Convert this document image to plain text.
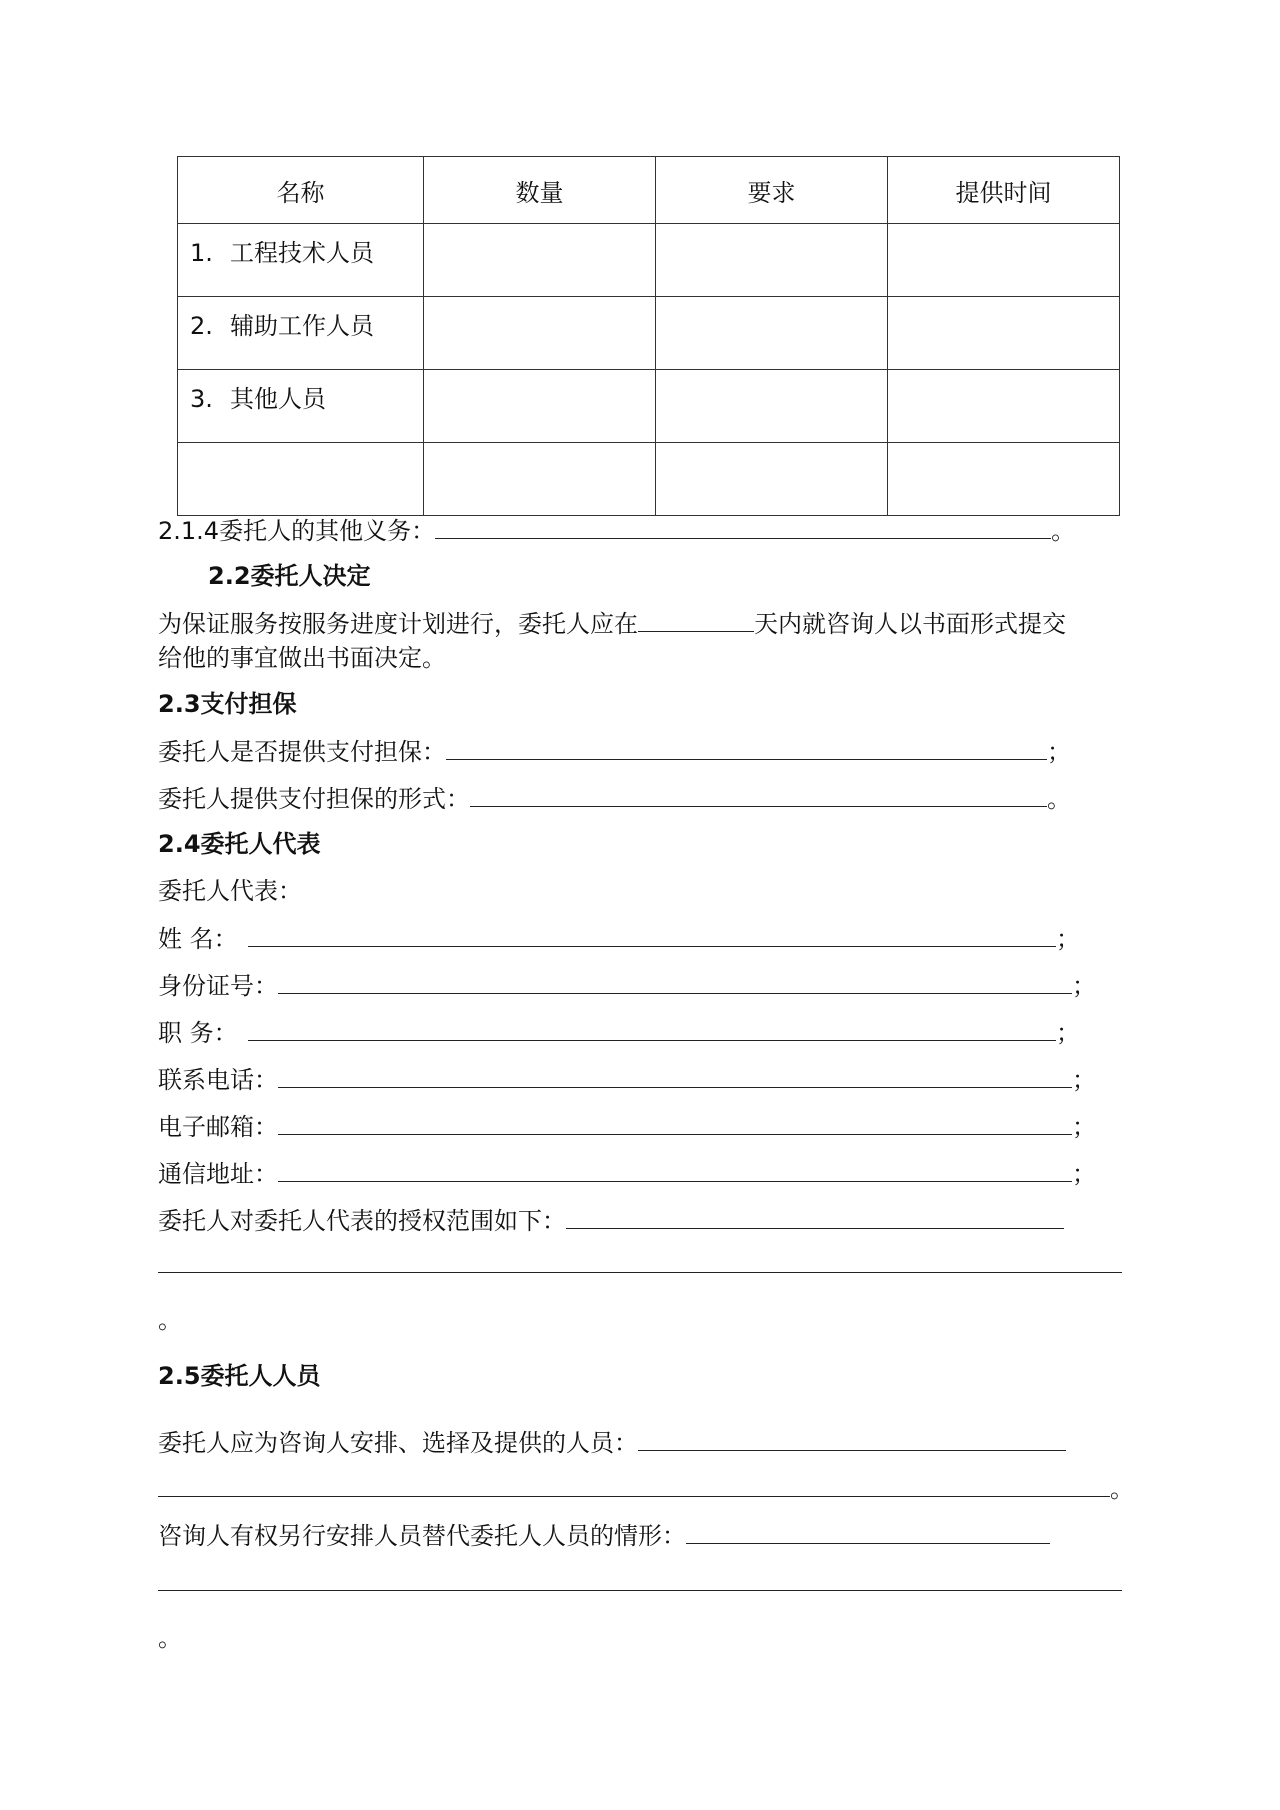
名称	数量	要求	提供时间
1. 工程技术人员			
2. 辅助工作人员			
3. 其他人员			

2.1.4委托人的其他义务：	。
2.2委托人决定
为保证服务按服务进度计划进行，委托人应在	天内就咨询人以书面形式提交
给他的事宜做出书面决定。
2.3支付担保
委托人是否提供支付担保：	；
委托人提供支付担保的形式：	。
2.4委托人代表
委托人代表：
姓 名：	；
身份证号：	；
职 务：	；
联系电话：	；
电子邮箱：	；
通信地址：	；
委托人对委托人代表的授权范围如下：
。
2.5委托人人员
委托人应为咨询人安排、选择及提供的人员：
。
咨询人有权另行安排人员替代委托人人员的情形：
。
